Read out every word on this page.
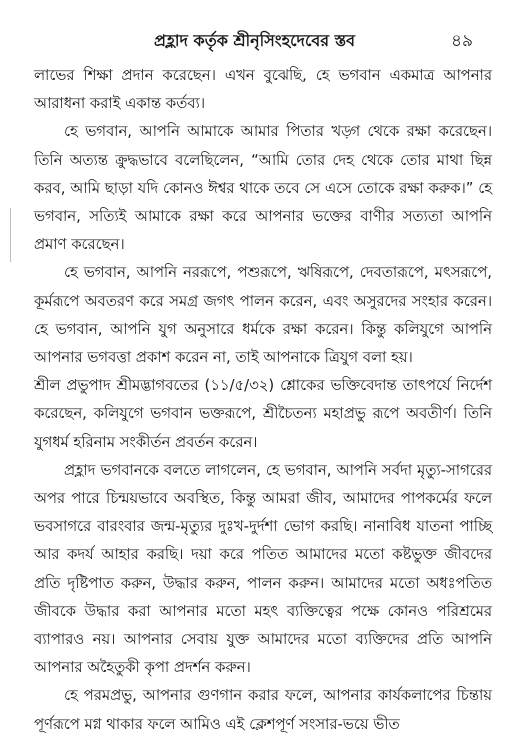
প্রহ্লাদ কর্তৃক শ্রীনৃসিংহদেবের স্তব	৪৯

লাভের শিক্ষা প্রদান করেছেন। এখন বুঝেছি, হে ভগবান একমাত্র আপনার আরাধনা করাই একান্ত কর্তব্য।

হে ভগবান, আপনি আমাকে আমার পিতার খড়্গ থেকে রক্ষা করেছেন। তিনি অত্যন্ত ক্রুদ্ধভাবে বলেছিলেন, “আমি তোর দেহ থেকে তোর মাথা ছিন্ন করব, আমি ছাড়া যদি কোনও ঈশ্বর থাকে তবে সে এসে তোকে রক্ষা করুক।” হে ভগবান, সত্যিই আমাকে রক্ষা করে আপনার ভক্তের বাণীর সত্যতা আপনি প্রমাণ করেছেন।

হে ভগবান, আপনি নররূপে, পশুরূপে, ঋষিরূপে, দেবতারূপে, মৎসরূপে, কূর্মরূপে অবতরণ করে সমগ্র জগৎ পালন করেন, এবং অসুরদের সংহার করেন। হে ভগবান, আপনি যুগ অনুসারে ধর্মকে রক্ষা করেন। কিন্তু কলিযুগে আপনি আপনার ভগবত্তা প্রকাশ করেন না, তাই আপনাকে ত্রিযুগ বলা হয়।

শ্রীল প্রভুপাদ শ্রীমদ্ভাগবতের (১১/৫/৩২) শ্লোকের ভক্তিবেদান্ত তাৎপর্যে নির্দেশ করেছেন, কলিযুগে ভগবান ভক্তরূপে, শ্রীচৈতন্য মহাপ্রভু রূপে অবতীর্ণ। তিনি যুগধর্ম হরিনাম সংকীর্তন প্রবর্তন করেন।

প্রহ্লাদ ভগবানকে বলতে লাগলেন, হে ভগবান, আপনি সর্বদা মৃত্যু-সাগরের অপর পারে চিন্ময়ভাবে অবস্থিত, কিন্তু আমরা জীব, আমাদের পাপকর্মের ফলে ভবসাগরে বারংবার জন্ম-মৃত্যুর দুঃখ-দুর্দশা ভোগ করছি। নানাবিধ যাতনা পাচ্ছি আর কদর্য আহার করছি। দয়া করে পতিত আমাদের মতো কষ্টভুক্ত জীবদের প্রতি দৃষ্টিপাত করুন, উদ্ধার করুন, পালন করুন। আমাদের মতো অধঃপতিত জীবকে উদ্ধার করা আপনার মতো মহৎ ব্যক্তিত্বের পক্ষে কোনও পরিশ্রমের ব্যাপারও নয়। আপনার সেবায় যুক্ত আমাদের মতো ব্যক্তিদের প্রতি আপনি আপনার অহৈতুকী কৃপা প্রদর্শন করুন।

হে পরমপ্রভু, আপনার গুণগান করার ফলে, আপনার কার্যকলাপের চিন্তায় পূর্ণরূপে মগ্ন থাকার ফলে আমিও এই ক্লেশপূর্ণ সংসার-ভয়ে ভীত
